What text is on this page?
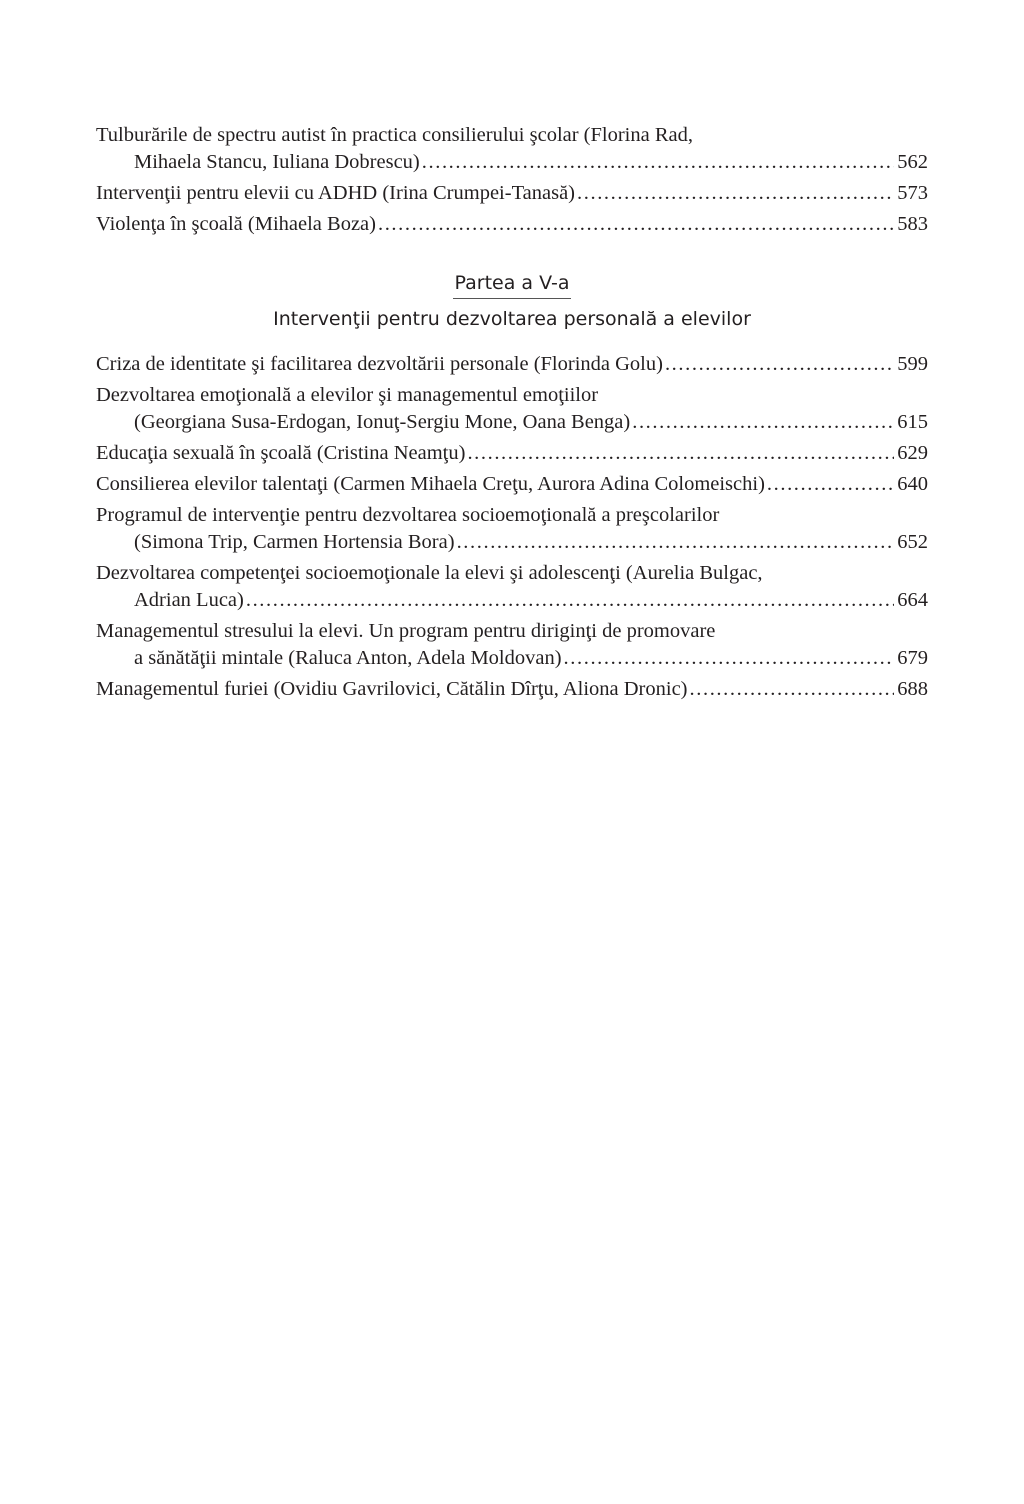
Tulburările de spectru autist în practica consilierului şcolar (Florina Rad,
Mihaela Stancu, Iuliana Dobrescu) .....	562
Intervenţii pentru elevii cu ADHD (Irina Crumpei-Tanasă) .....	573
Violenţa în şcoală (Mihaela Boza) .....	583
Partea a V-a
Intervenţii pentru dezvoltarea personală a elevilor
Criza de identitate şi facilitarea dezvoltării personale (Florinda Golu) .....	599
Dezvoltarea emoţională a elevilor şi managementul emoţiilor
(Georgiana Susa-Erdogan, Ionuţ-Sergiu Mone, Oana Benga) .....	615
Educaţia sexuală în şcoală (Cristina Neamţu) .....	629
Consilierea elevilor talentaţi (Carmen Mihaela Creţu, Aurora Adina Colomeischi) .....	640
Programul de intervenţie pentru dezvoltarea socioemoţională a preşcolarilor
(Simona Trip, Carmen Hortensia Bora) .....	652
Dezvoltarea competenţei socioemoţionale la elevi şi adolescenţi (Aurelia Bulgac,
Adrian Luca) .....	664
Managementul stresului la elevi. Un program pentru diriginţi de promovare
a sănătăţii mintale (Raluca Anton, Adela Moldovan) .....	679
Managementul furiei (Ovidiu Gavrilovici, Cătălin Dîrţu, Aliona Dronic) .....	688
